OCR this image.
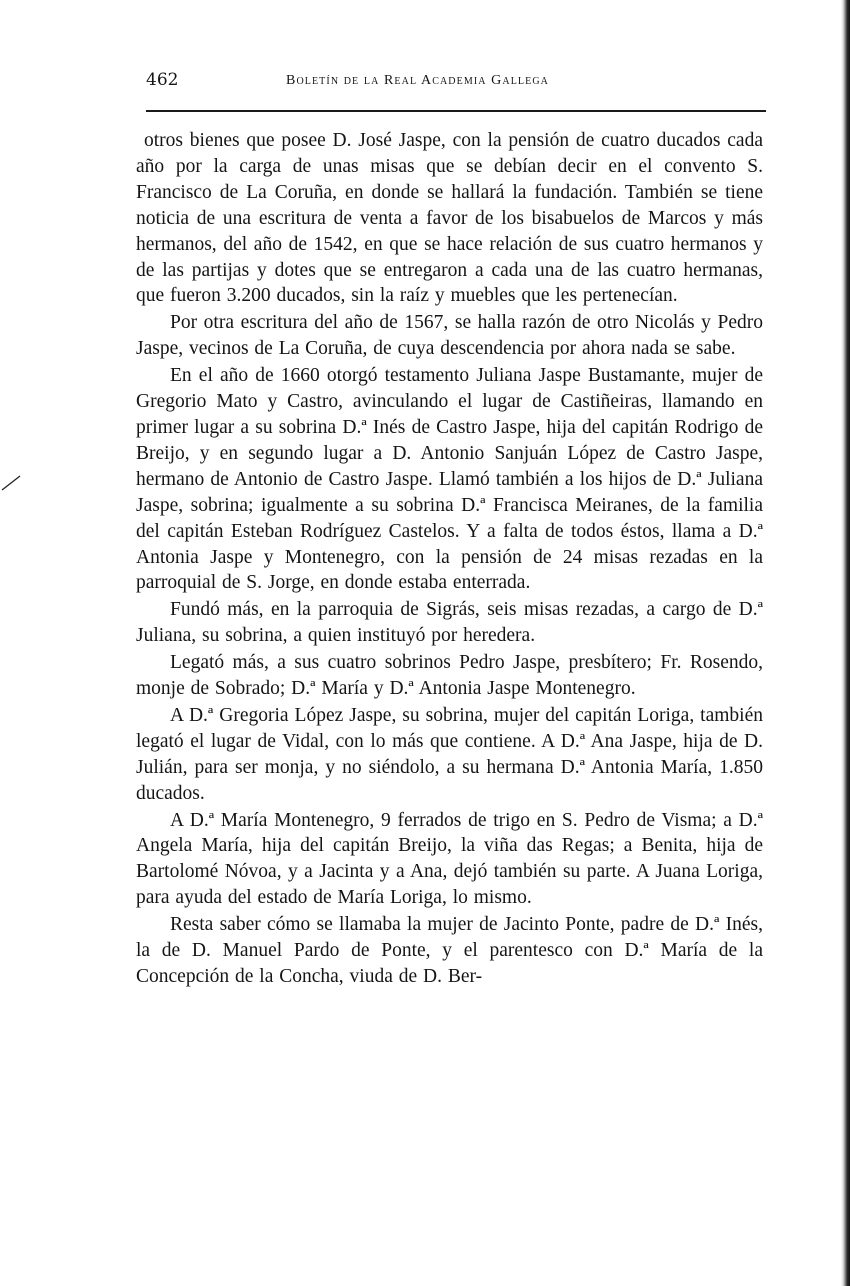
462	Boletín de la Real Academia Gallega

otros bienes que posee D. José Jaspe, con la pensión de cuatro ducados cada año por la carga de unas misas que se debían decir en el convento S. Francisco de La Coruña, en donde se hallará la fundación. También se tiene noticia de una escritura de venta a favor de los bisabuelos de Marcos y más hermanos, del año de 1542, en que se hace relación de sus cuatro hermanos y de las partijas y dotes que se entregaron a cada una de las cuatro hermanas, que fueron 3.200 ducados, sin la raíz y muebles que les pertenecían.

Por otra escritura del año de 1567, se halla razón de otro Nicolás y Pedro Jaspe, vecinos de La Coruña, de cuya descendencia por ahora nada se sabe.

En el año de 1660 otorgó testamento Juliana Jaspe Bustamante, mujer de Gregorio Mato y Castro, avinculando el lugar de Castiñeiras, llamando en primer lugar a su sobrina D.ª Inés de Castro Jaspe, hija del capitán Rodrigo de Breijo, y en segundo lugar a D. Antonio Sanjuán López de Castro Jaspe, hermano de Antonio de Castro Jaspe. Llamó también a los hijos de D.ª Juliana Jaspe, sobrina; igualmente a su sobrina D.ª Francisca Meiranes, de la familia del capitán Esteban Rodríguez Castelos. Y a falta de todos éstos, llama a D.ª Antonia Jaspe y Montenegro, con la pensión de 24 misas rezadas en la parroquial de S. Jorge, en donde estaba enterrada.

Fundó más, en la parroquia de Sigrás, seis misas rezadas, a cargo de D.ª Juliana, su sobrina, a quien instituyó por heredera.

Legató más, a sus cuatro sobrinos Pedro Jaspe, presbítero; Fr. Rosendo, monje de Sobrado; D.ª María y D.ª Antonia Jaspe Montenegro.

A D.ª Gregoria López Jaspe, su sobrina, mujer del capitán Loriga, también legató el lugar de Vidal, con lo más que contiene. A D.ª Ana Jaspe, hija de D. Julián, para ser monja, y no siéndolo, a su hermana D.ª Antonia María, 1.850 ducados.

A D.ª María Montenegro, 9 ferrados de trigo en S. Pedro de Visma; a D.ª Angela María, hija del capitán Breijo, la viña das Regas; a Benita, hija de Bartolomé Nóvoa, y a Jacinta y a Ana, dejó también su parte. A Juana Loriga, para ayuda del estado de María Loriga, lo mismo.

Resta saber cómo se llamaba la mujer de Jacinto Ponte, padre de D.ª Inés, la de D. Manuel Pardo de Ponte, y el parentesco con D.ª María de la Concepción de la Concha, viuda de D. Ber-
